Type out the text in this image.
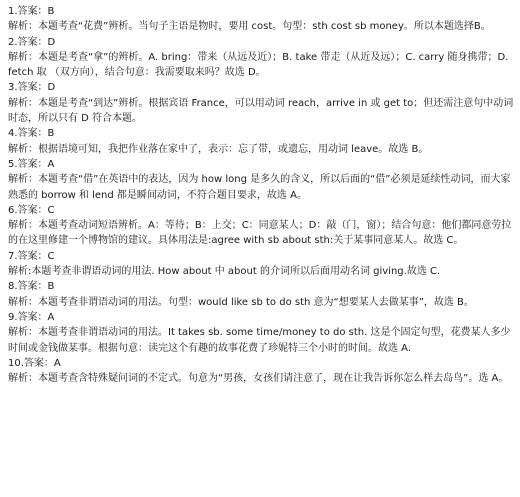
1.答案：B

解析：本题考查“花费”辨析。当句子主语是物时，要用 cost。句型：sth cost sb money。所以本题选择B。

2.答案：D

解析：本题是考查“拿”的辨析。A. bring：带来（从远及近）；B. take 带走（从近及远）；C. carry 随身携带；D. fetch 取 （双方向），结合句意：我需要取来吗？故选 D。

3.答案：D

解析：本题是考查“到达”辨析。根据宾语 France，可以用动词 reach，arrive in 或 get to；但还需注意句中动词时态，所以只有 D 符合本题。

4.答案：B

解析：根据语境可知，我把作业落在家中了，表示：忘了带，或遗忘，用动词 leave。故选 B。

5.答案：A

解析：本题考查“借”在英语中的表达，因为 how long 是多久的含义，所以后面的“借”必须是延续性动词，而大家熟悉的 borrow 和 lend 都是瞬间动词，不符合题目要求，故选 A。

6.答案：C

解析：本题考查动词短语辨析。A：等待；B：上交；C：同意某人；D：敲（门，窗）；结合句意：他们都同意劳拉的在这里修建一个博物馆的建议。具体用法是:agree with sb about sth:关于某事同意某人。故选 C。

7.答案：C

解析:本题考查非谓语动词的用法. How about 中 about 的介词所以后面用动名词 giving.故选 C.

8.答案：B

解析：本题考查非谓语动词的用法。句型：would like sb to do sth 意为“想要某人去做某事”，故选 B。

9.答案：A

解析：本题考查非谓语动词的用法。It takes sb. some time/money to do sth. 这是个固定句型，花费某人多少时间或金钱做某事。根据句意：读完这个有趣的故事花费了珍妮特三个小时的时间。故选 A.

10.答案：A

解析：本题考查含特殊疑问词的不定式。句意为“男孩，女孩们请注意了，现在让我告诉你怎么样去岛鸟”。选 A。
